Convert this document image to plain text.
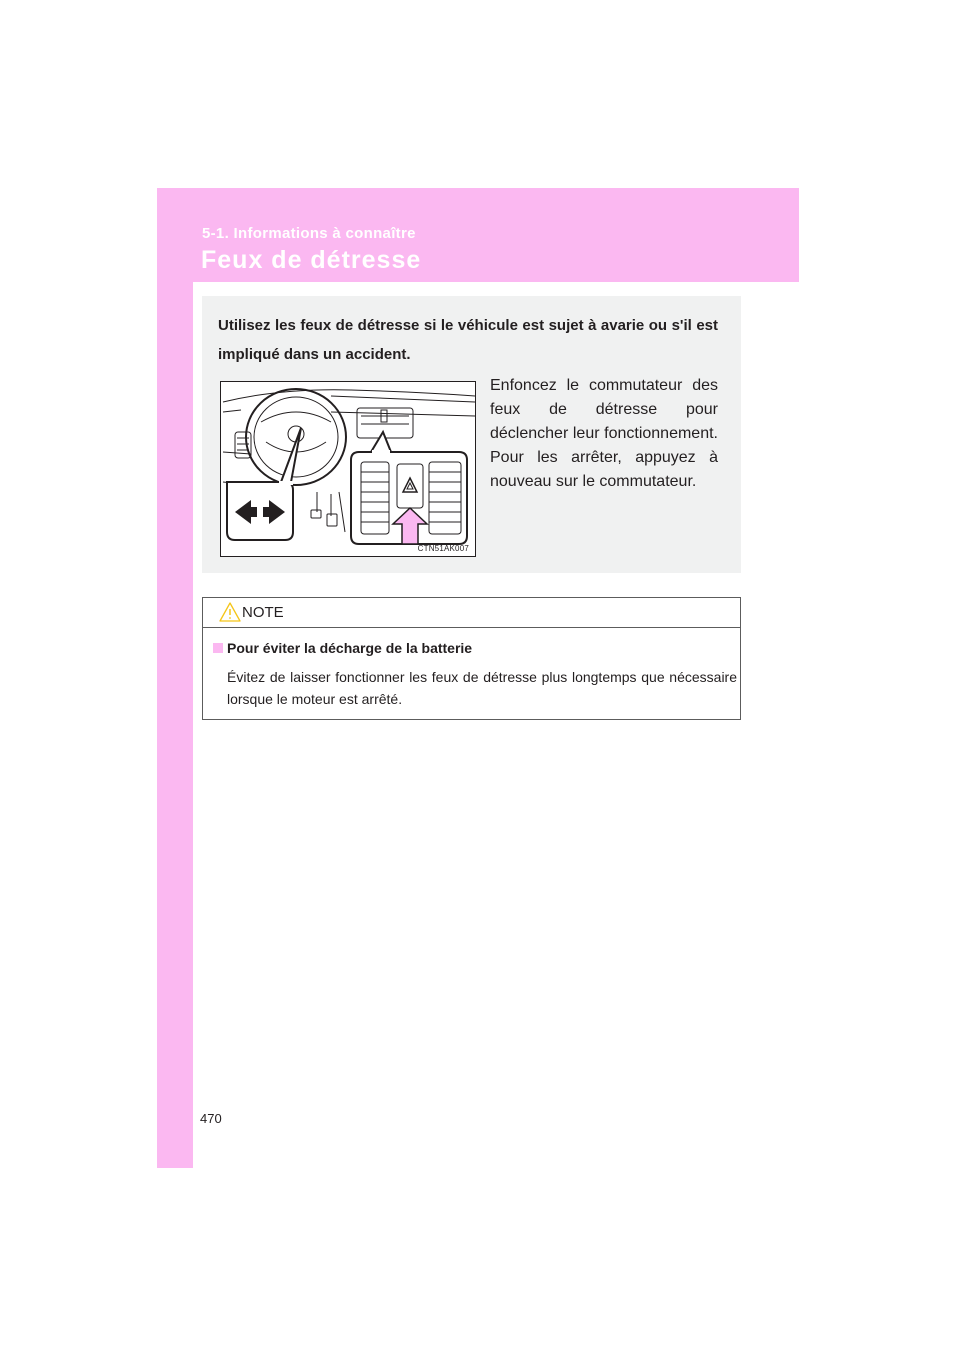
5-1. Informations à connaître
Feux de détresse
Utilisez les feux de détresse si le véhicule est sujet à avarie ou s'il est impliqué dans un accident.
Enfoncez le commutateur des feux de détresse pour déclencher leur fonctionnement. Pour les arrêter, appuyez à nouveau sur le commutateur.
CTN51AK007
NOTE
Pour éviter la décharge de la batterie
Évitez de laisser fonctionner les feux de détresse plus longtemps que nécessaire lorsque le moteur est arrêté.
470
